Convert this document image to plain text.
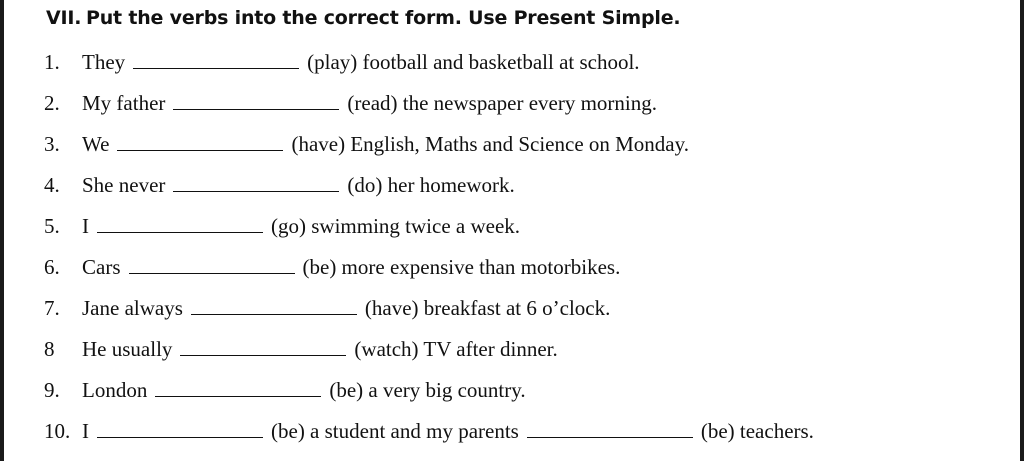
VII. Put the verbs into the correct form. Use Present Simple.
1.	They	(play) football and basketball at school.
2.	My father	(read) the newspaper every morning.
3.	We	(have) English, Maths and Science on Monday.
4.	She never	(do) her homework.
5.	I	(go) swimming twice a week.
6.	Cars	(be) more expensive than motorbikes.
7.	Jane always	(have) breakfast at 6 o’clock.
8	He usually	(watch) TV after dinner.
9.	London	(be) a very big country.
10. I	(be) a student and my parents	(be) teachers.
